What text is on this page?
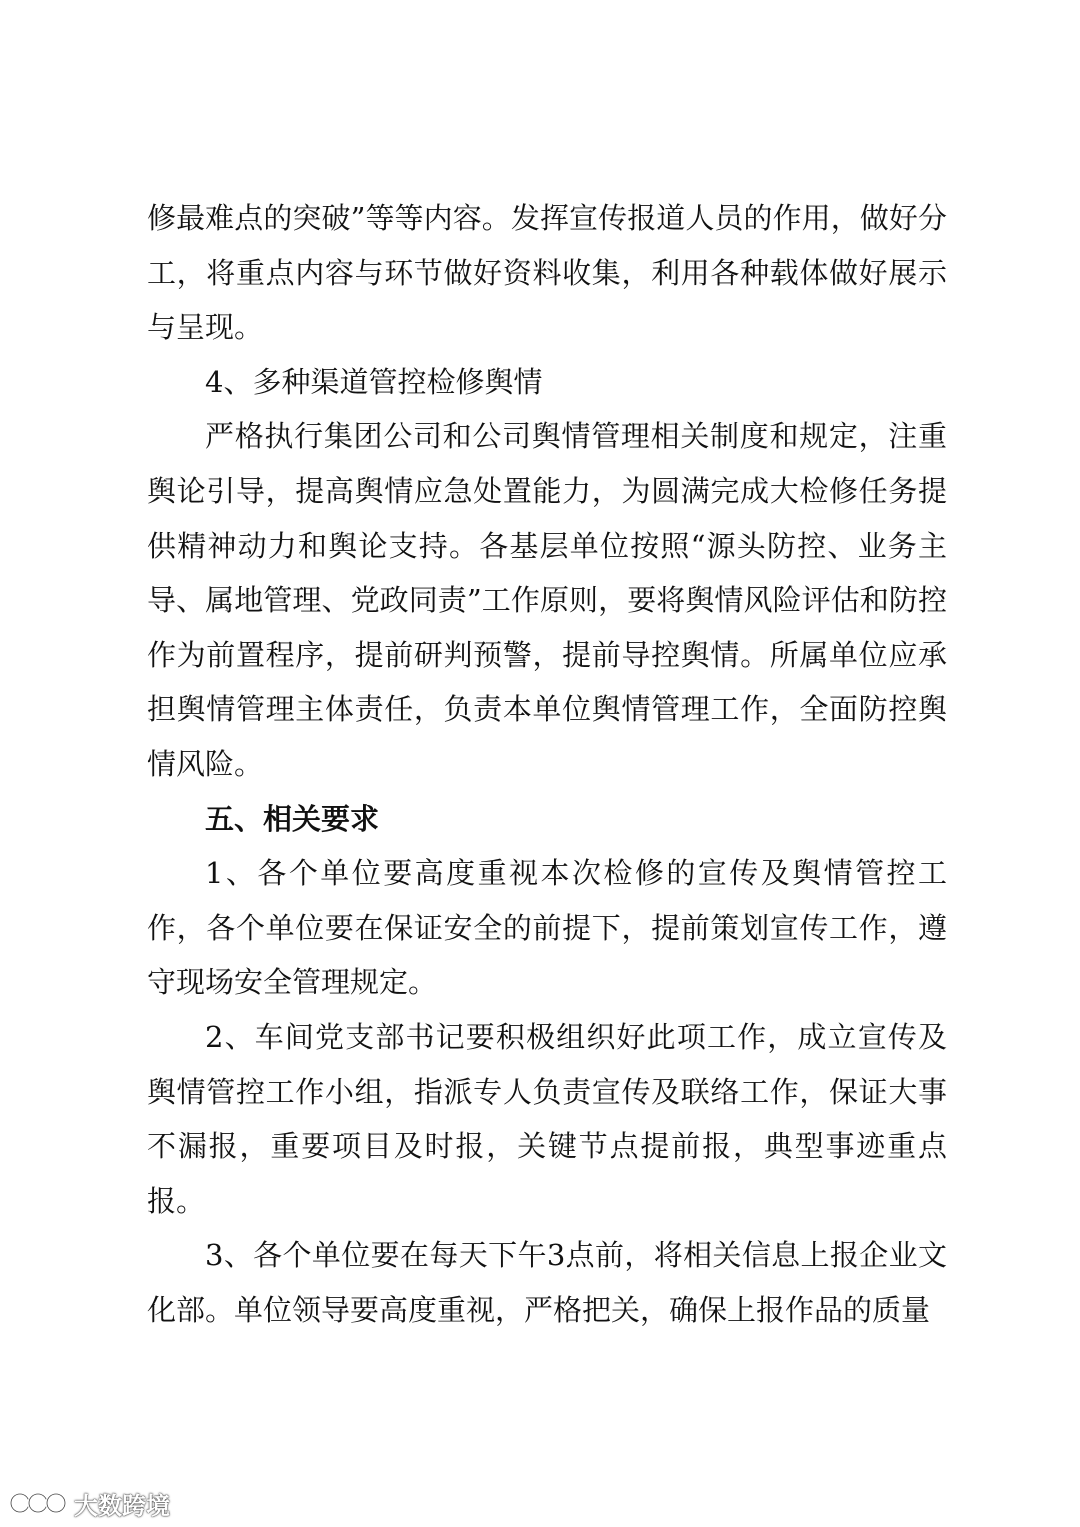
修最难点的突破”等等内容。发挥宣传报道人员的作用，做好分工，将重点内容与环节做好资料收集，利用各种载体做好展示与呈现。

4、多种渠道管控检修舆情

严格执行集团公司和公司舆情管理相关制度和规定，注重舆论引导，提高舆情应急处置能力，为圆满完成大检修任务提供精神动力和舆论支持。各基层单位按照“源头防控、业务主导、属地管理、党政同责”工作原则，要将舆情风险评估和防控作为前置程序，提前研判预警，提前导控舆情。所属单位应承担舆情管理主体责任，负责本单位舆情管理工作，全面防控舆情风险。

五、相关要求

1、各个单位要高度重视本次检修的宣传及舆情管控工作，各个单位要在保证安全的前提下，提前策划宣传工作，遵守现场安全管理规定。

2、车间党支部书记要积极组织好此项工作，成立宣传及舆情管控工作小组，指派专人负责宣传及联络工作，保证大事不漏报，重要项目及时报，关键节点提前报，典型事迹重点报。

3、各个单位要在每天下午3点前，将相关信息上报企业文化部。单位领导要高度重视，严格把关，确保上报作品的质量

大数跨境
